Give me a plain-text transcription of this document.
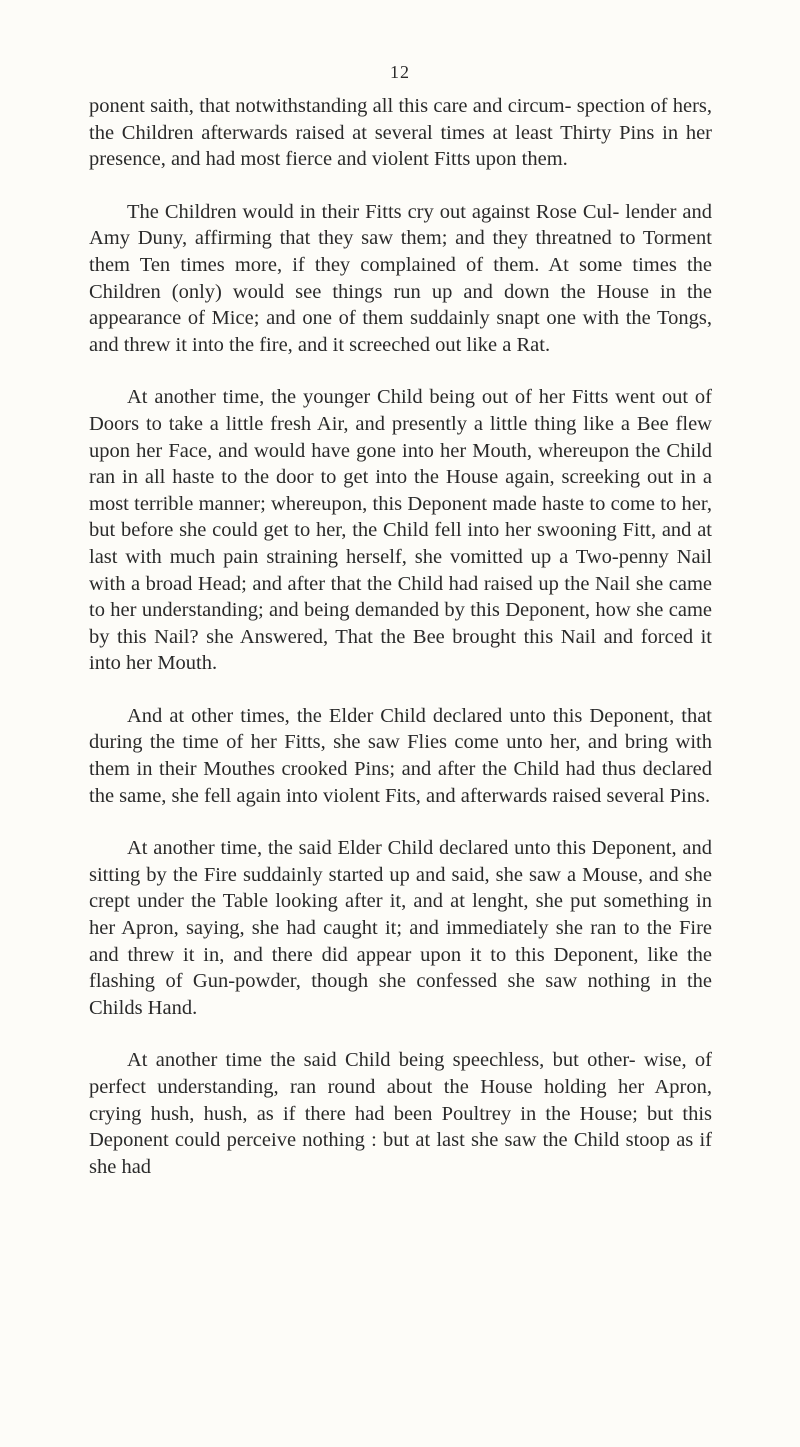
12

ponent saith, that notwithstanding all this care and circum- spection of hers, the Children afterwards raised at several times at least Thirty Pins in her presence, and had most fierce and violent Fitts upon them.

The Children would in their Fitts cry out against Rose Cul- lender and Amy Duny, affirming that they saw them; and they threatned to Torment them Ten times more, if they complained of them. At some times the Children (only) would see things run up and down the House in the appearance of Mice; and one of them suddainly snapt one with the Tongs, and threw it into the fire, and it screeched out like a Rat.

At another time, the younger Child being out of her Fitts went out of Doors to take a little fresh Air, and presently a little thing like a Bee flew upon her Face, and would have gone into her Mouth, whereupon the Child ran in all haste to the door to get into the House again, screeking out in a most terrible manner; whereupon, this Deponent made haste to come to her, but before she could get to her, the Child fell into her swooning Fitt, and at last with much pain straining herself, she vomitted up a Two-penny Nail with a broad Head; and after that the Child had raised up the Nail she came to her understanding; and being demanded by this Deponent, how she came by this Nail? she Answered, That the Bee brought this Nail and forced it into her Mouth.

And at other times, the Elder Child declared unto this Deponent, that during the time of her Fitts, she saw Flies come unto her, and bring with them in their Mouthes crooked Pins; and after the Child had thus declared the same, she fell again into violent Fits, and afterwards raised several Pins.

At another time, the said Elder Child declared unto this Deponent, and sitting by the Fire suddainly started up and said, she saw a Mouse, and she crept under the Table looking after it, and at lenght, she put something in her Apron, saying, she had caught it; and immediately she ran to the Fire and threw it in, and there did appear upon it to this Deponent, like the flashing of Gun-powder, though she confessed she saw nothing in the Childs Hand.

At another time the said Child being speechless, but other- wise, of perfect understanding, ran round about the House holding her Apron, crying hush, hush, as if there had been Poultrey in the House; but this Deponent could perceive nothing : but at last she saw the Child stoop as if she had
